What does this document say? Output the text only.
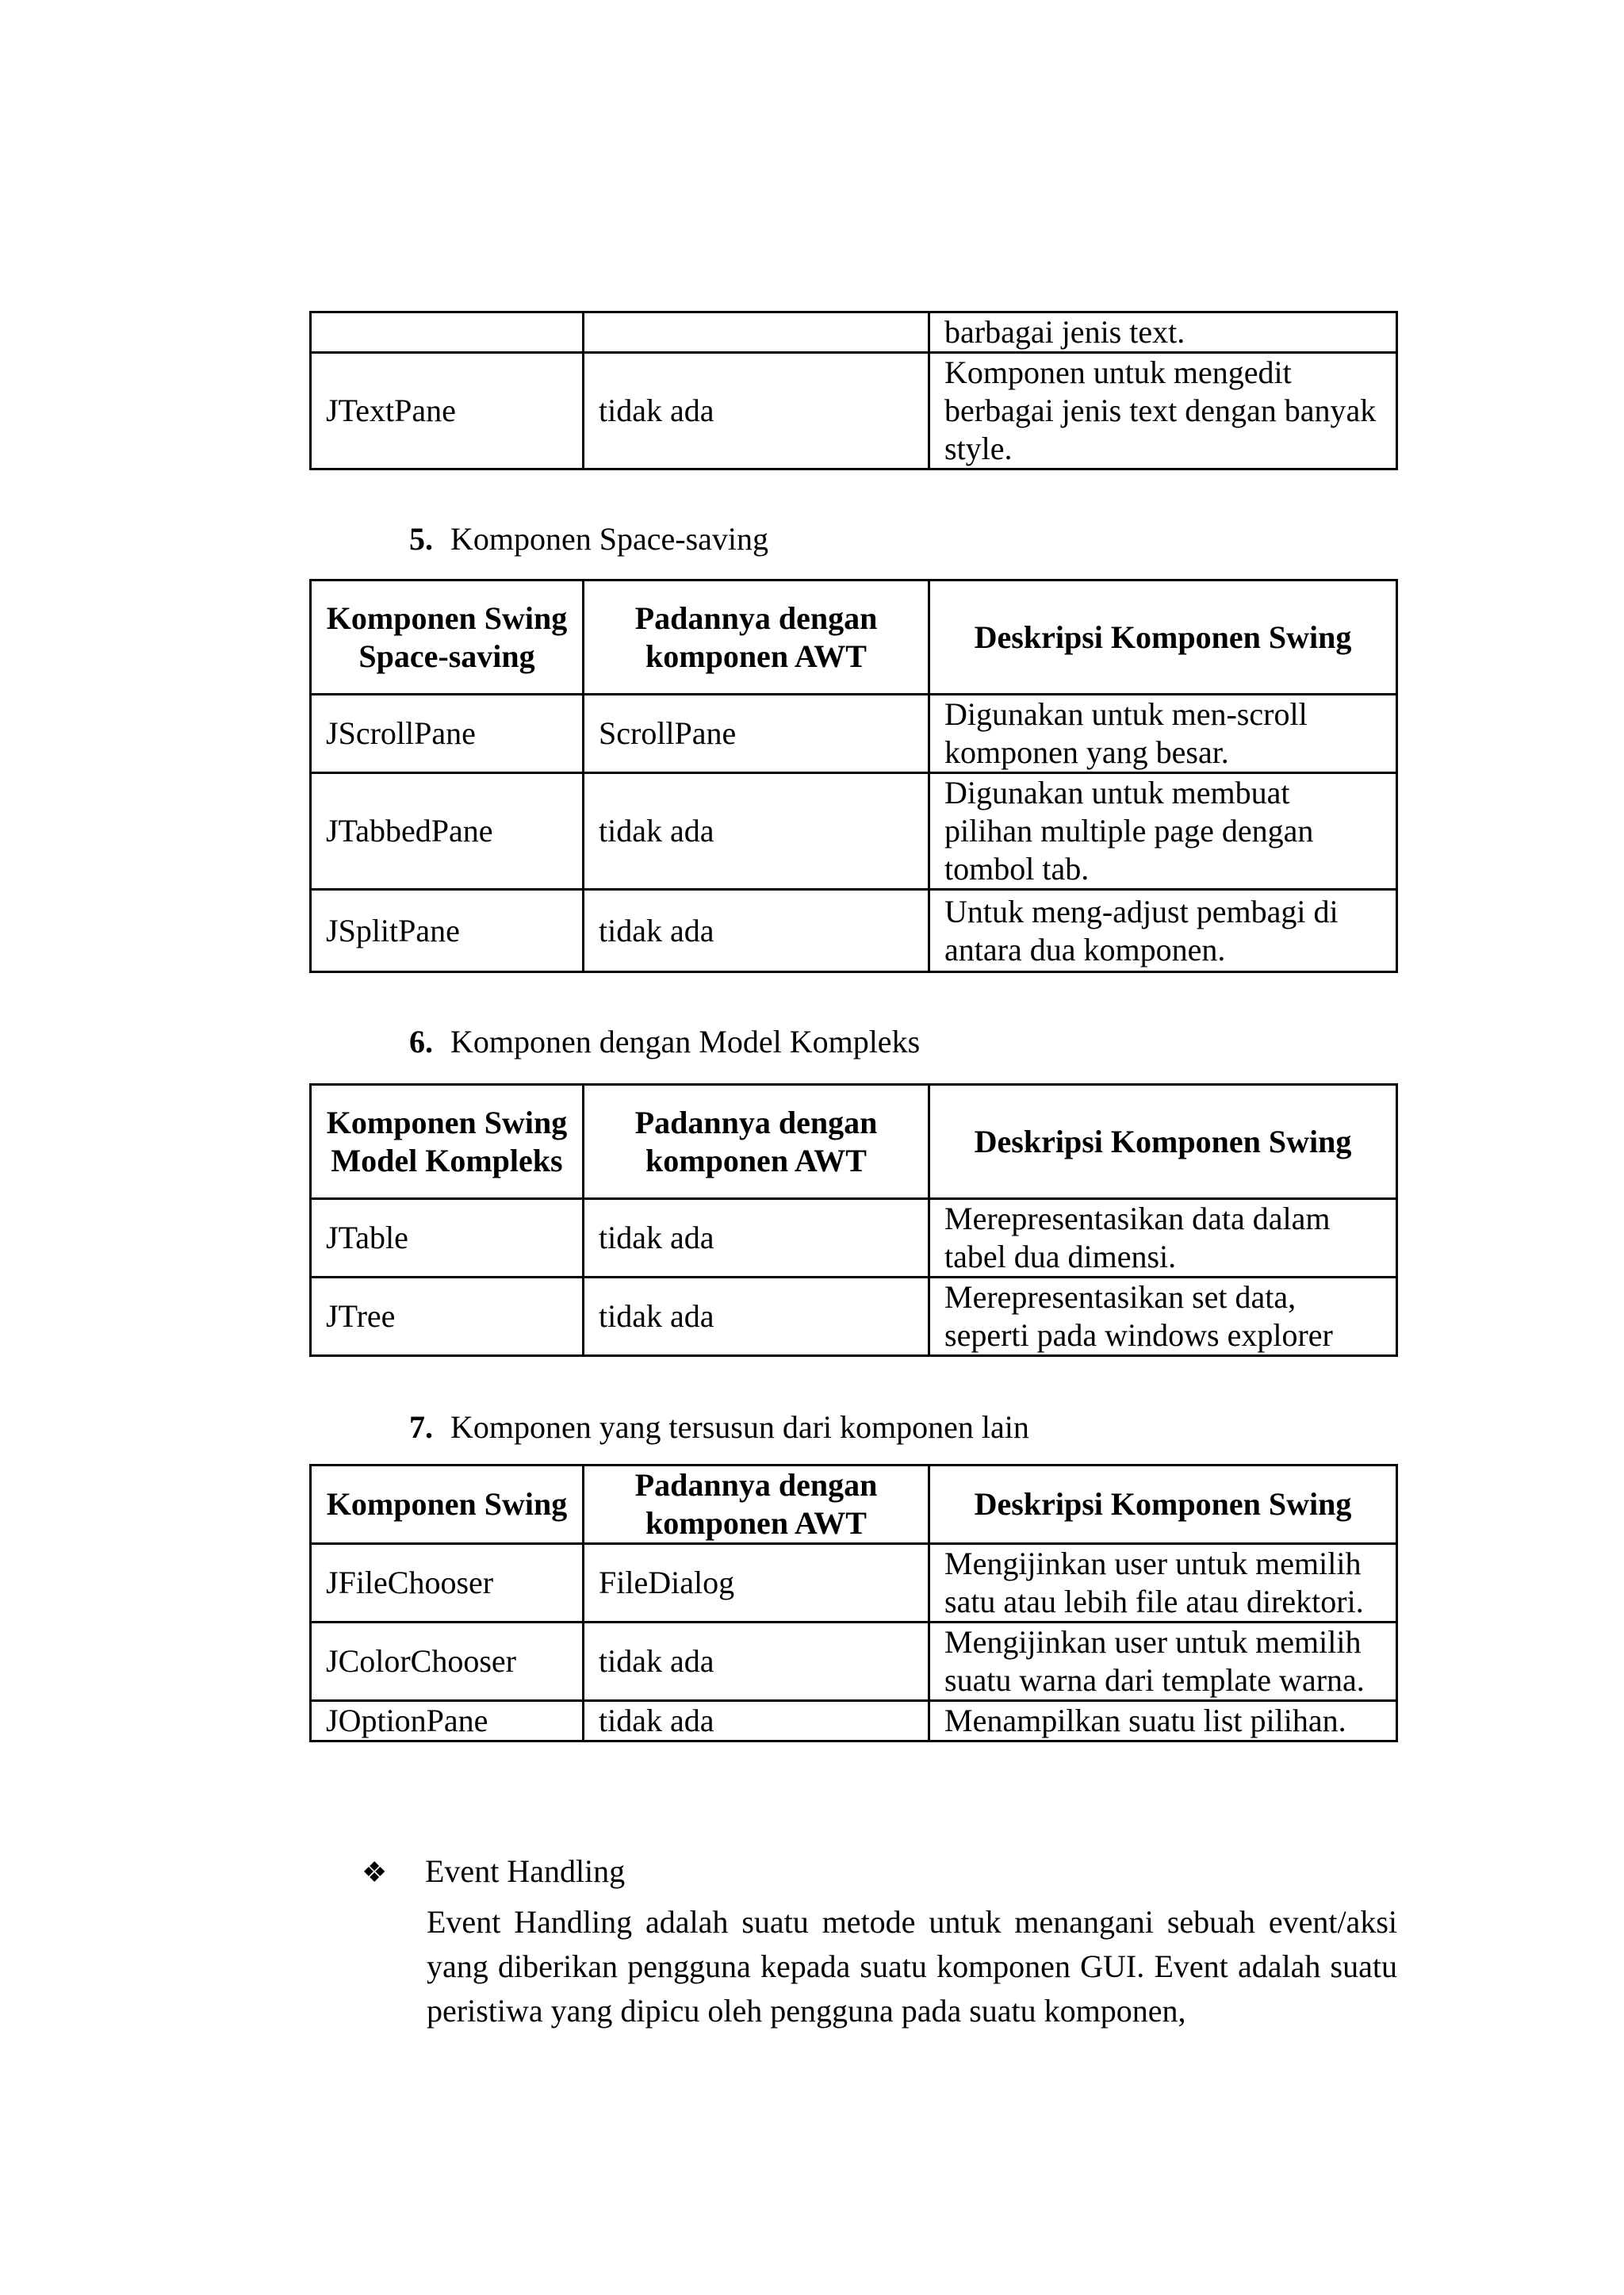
		barbagai jenis text.
JTextPane	tidak ada	Komponen untuk mengedit berbagai jenis text dengan banyak style.
5. Komponen Space-saving
Komponen Swing Space-saving	Padannya dengan komponen AWT	Deskripsi Komponen Swing
JScrollPane	ScrollPane	Digunakan untuk men-scroll komponen yang besar.
JTabbedPane	tidak ada	Digunakan untuk membuat pilihan multiple page dengan tombol tab.
JSplitPane	tidak ada	Untuk meng-adjust pembagi di antara dua komponen.
6. Komponen dengan Model Kompleks
Komponen Swing Model Kompleks	Padannya dengan komponen AWT	Deskripsi Komponen Swing
JTable	tidak ada	Merepresentasikan data dalam tabel dua dimensi.
JTree	tidak ada	Merepresentasikan set data, seperti pada windows explorer
7. Komponen yang tersusun dari komponen lain
Komponen Swing	Padannya dengan komponen AWT	Deskripsi Komponen Swing
JFileChooser	FileDialog	Mengijinkan user untuk memilih satu atau lebih file atau direktori.
JColorChooser	tidak ada	Mengijinkan user untuk memilih suatu warna dari template warna.
JOptionPane	tidak ada	Menampilkan suatu list pilihan.
❖ Event Handling
Event Handling adalah suatu metode untuk menangani sebuah event/aksi yang diberikan pengguna kepada suatu komponen GUI. Event adalah suatu peristiwa yang dipicu oleh pengguna pada suatu komponen,
